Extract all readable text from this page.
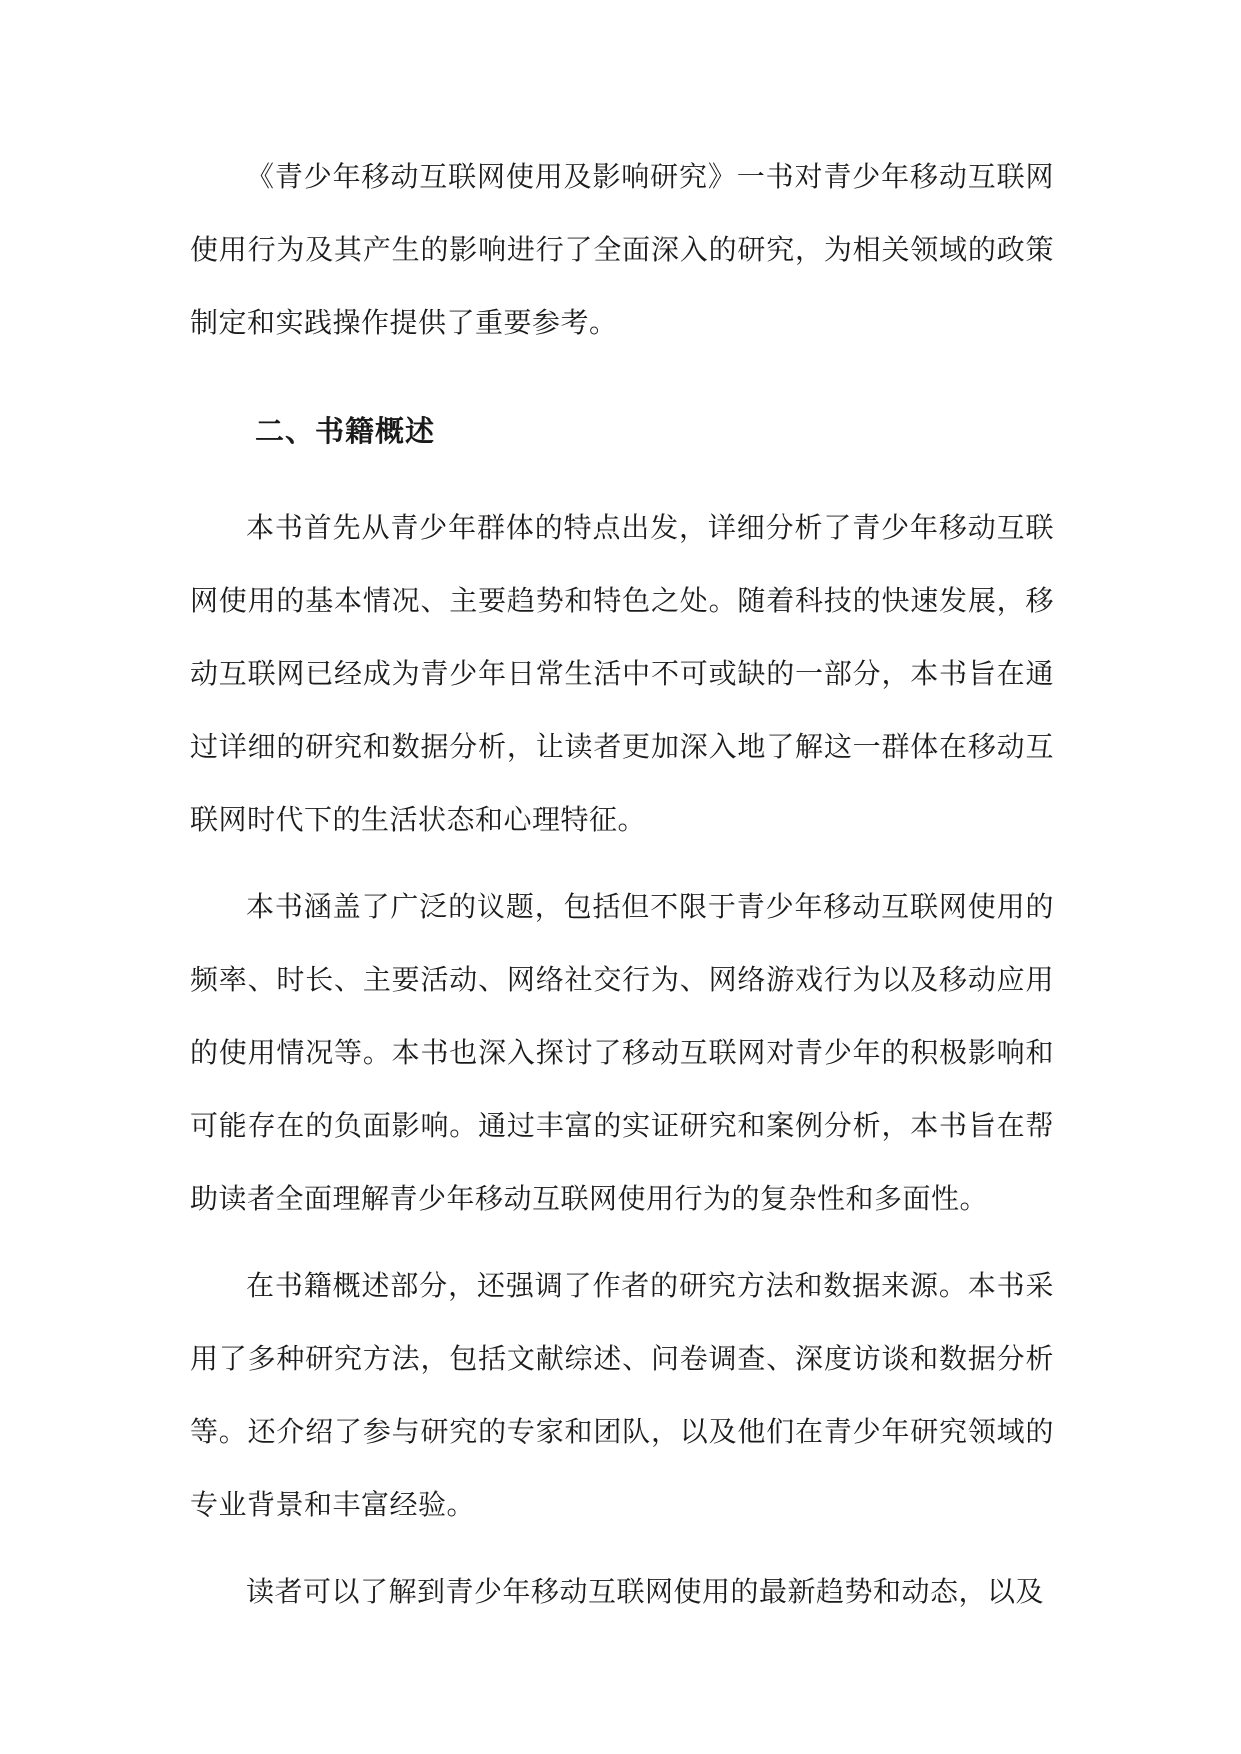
《青少年移动互联网使用及影响研究》一书对青少年移动互联网使用行为及其产生的影响进行了全面深入的研究，为相关领域的政策制定和实践操作提供了重要参考。

二、书籍概述

本书首先从青少年群体的特点出发，详细分析了青少年移动互联网使用的基本情况、主要趋势和特色之处。随着科技的快速发展，移动互联网已经成为青少年日常生活中不可或缺的一部分，本书旨在通过详细的研究和数据分析，让读者更加深入地了解这一群体在移动互联网时代下的生活状态和心理特征。

本书涵盖了广泛的议题，包括但不限于青少年移动互联网使用的频率、时长、主要活动、网络社交行为、网络游戏行为以及移动应用的使用情况等。本书也深入探讨了移动互联网对青少年的积极影响和可能存在的负面影响。通过丰富的实证研究和案例分析，本书旨在帮助读者全面理解青少年移动互联网使用行为的复杂性和多面性。

在书籍概述部分，还强调了作者的研究方法和数据来源。本书采用了多种研究方法，包括文献综述、问卷调查、深度访谈和数据分析等。还介绍了参与研究的专家和团队，以及他们在青少年研究领域的专业背景和丰富经验。

读者可以了解到青少年移动互联网使用的最新趋势和动态，以及
